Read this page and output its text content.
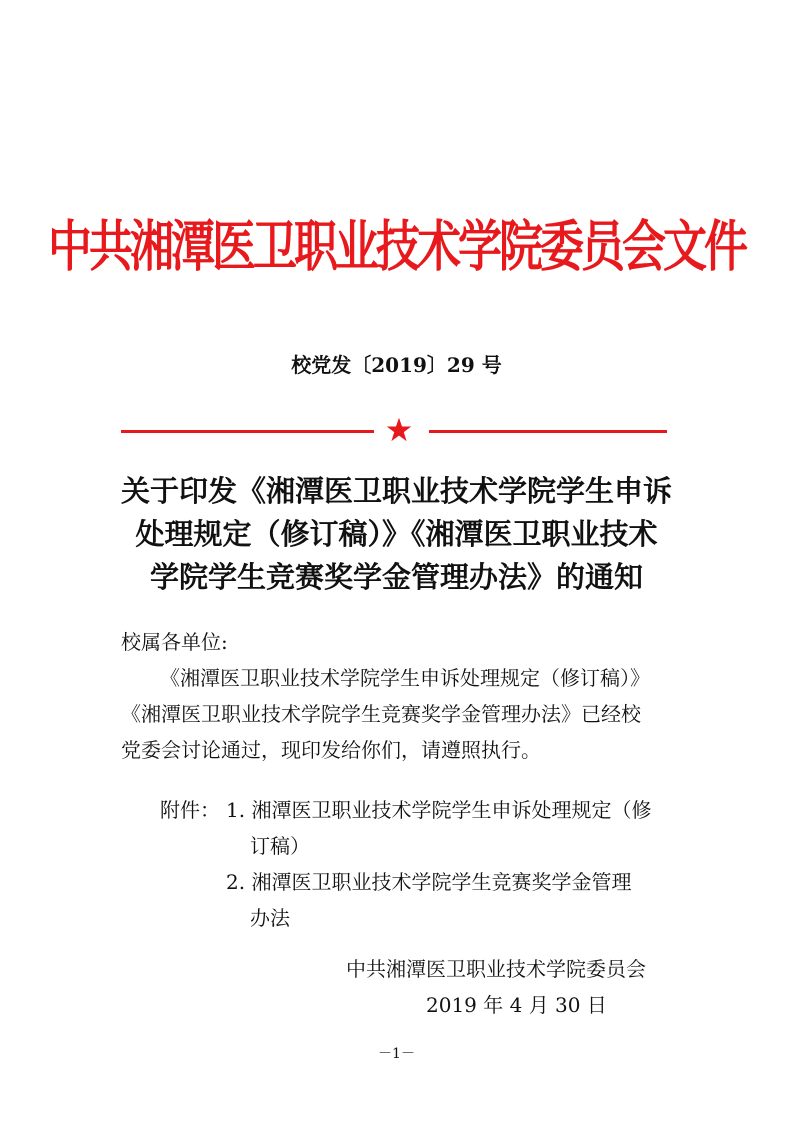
中共湘潭医卫职业技术学院委员会文件
校党发〔2019〕29 号
关于印发《湘潭医卫职业技术学院学生申诉
处理规定（修订稿）》《湘潭医卫职业技术
学院学生竞赛奖学金管理办法》的通知
校属各单位:
《湘潭医卫职业技术学院学生申诉处理规定（修订稿）》
《湘潭医卫职业技术学院学生竞赛奖学金管理办法》已经校
党委会讨论通过，现印发给你们，请遵照执行。
附件： 1. 湘潭医卫职业技术学院学生申诉处理规定（修
订稿）
2. 湘潭医卫职业技术学院学生竞赛奖学金管理
办法
中共湘潭医卫职业技术学院委员会
2019 年 4 月 30 日
－1－
